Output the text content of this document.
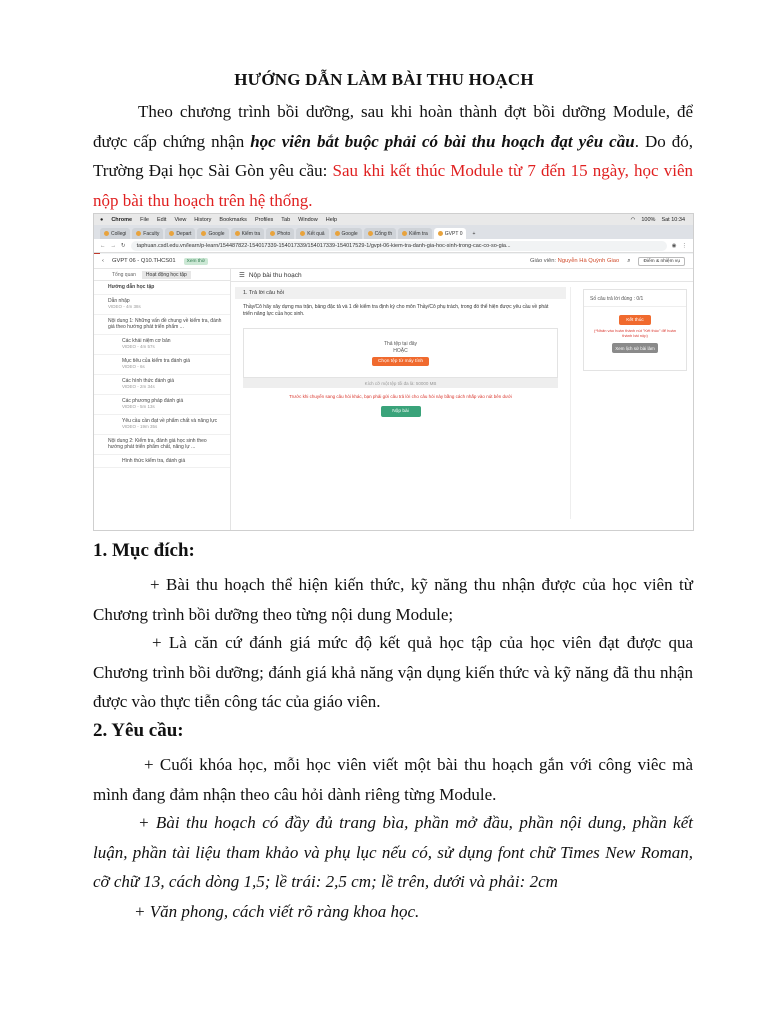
HƯỚNG DẪN LÀM BÀI THU HOẠCH
Theo chương trình bồi dưỡng, sau khi hoàn thành đợt bồi dưỡng Module, để được cấp chứng nhận học viên bắt buộc phải có bài thu hoạch đạt yêu cầu. Do đó, Trường Đại học Sài Gòn yêu cầu: Sau khi kết thúc Module từ 7 đến 15 ngày, học viên nộp bài thu hoạch trên hệ thống.
● Chrome File Edit View History Bookmarks Profiles Tab Window Help	◠ 100% Sat 10:34
Collegi	Faculty	Depart	Google	Kiểm tra	Photo	Kết quả	Google	Cổng th	Kiểm tra	GVPT 0	+
← → ↻	taphuan.csdl.edu.vn/learn/p-learn/154487822-154017339-154017339/154017339-154017529-1/gvpt-06-kiem-tra-danh-gia-hoc-sinh-trong-cac-co-so-gia...	◉ ⋮
‹ GVPT 06 - Q10.THCS01	Xem thử	Giáo viên: Nguyễn Hà Quỳnh Giao ⌕	Điểm & nhiệm vụ
Tổng quan	Hoạt động học tập
Hướng dẫn học tập
Dẫn nhập
VIDEO - 4m 38s
Nội dung 1: Những vấn đề chung về kiểm tra, đánh giá theo hướng phát triển phẩm ...
Các khái niệm cơ bản
VIDEO - 4m 57s
Mục tiêu của kiểm tra đánh giá
VIDEO - 6s
Các hình thức đánh giá
VIDEO - 2m 34s
Các phương pháp đánh giá
VIDEO - 5m 13s
Yêu cầu cần đạt về phẩm chất và năng lực
VIDEO - 19m 35s
Nội dung 2: Kiểm tra, đánh giá học sinh theo hướng phát triển phẩm chất, năng lự ...
Hình thức kiểm tra, đánh giá
☰ Nộp bài thu hoạch
1. Trả lời câu hỏi
Thầy/Cô hãy xây dựng ma trận, bảng đặc tả và 1 đề kiểm tra định kỳ cho môn Thầy/Cô phụ trách, trong đó thể hiện được yêu cầu về phát triển năng lực của học sinh.
Thả tệp tại đây
HOẶC
Chọn tệp từ máy tính
Kích cỡ một tệp tối đa là: 50000 MB
Trước khi chuyển sang câu hỏi khác, bạn phải gửi câu trả lời cho câu hỏi này bằng cách nhấp vào nút bên dưới
Nộp bài
Số câu trả lời đúng : 0/1
Kết thúc
(*Nhấn vào hoàn thành nút "Kết thúc" để hoàn thành bài nộp)
Xem lịch sử bài làm
1. Mục đích:
+ Bài thu hoạch thể hiện kiến thức, kỹ năng thu nhận được của học viên từ Chương trình bồi dưỡng theo từng nội dung Module;
+ Là căn cứ đánh giá mức độ kết quả học tập của học viên đạt được qua Chương trình bồi dưỡng; đánh giá khả năng vận dụng kiến thức và kỹ năng đã thu nhận được vào thực tiễn công tác của giáo viên.
2. Yêu cầu:
+ Cuối khóa học, mỗi học viên viết một bài thu hoạch gắn với công viêc mà mình đang đảm nhận theo câu hỏi dành riêng từng Module.
+ Bài thu hoạch có đầy đủ trang bìa, phần mở đầu, phần nội dung, phần kết luận, phần tài liệu tham khảo và phụ lục nếu có, sử dụng font chữ Times New Roman, cỡ chữ 13, cách dòng 1,5; lề trái: 2,5 cm; lề trên, dưới và phải: 2cm
+ Văn phong, cách viết rõ ràng khoa học.
